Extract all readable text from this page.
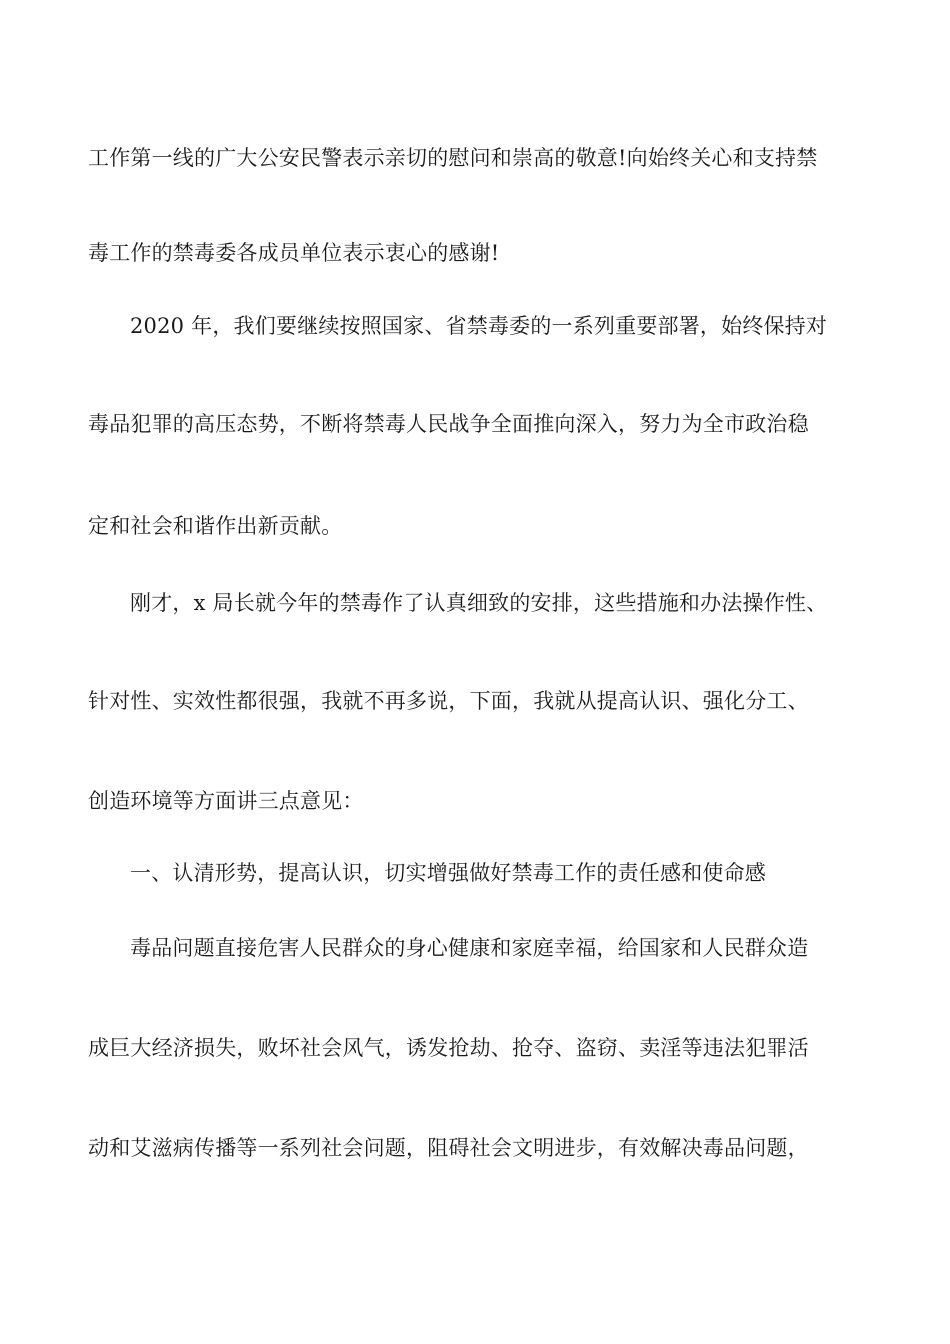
工作第一线的广大公安民警表示亲切的慰问和崇高的敬意!向始终关心和支持禁
毒工作的禁毒委各成员单位表示衷心的感谢!
2020 年，我们要继续按照国家、省禁毒委的一系列重要部署，始终保持对
毒品犯罪的高压态势，不断将禁毒人民战争全面推向深入，努力为全市政治稳
定和社会和谐作出新贡献。
刚才，x 局长就今年的禁毒作了认真细致的安排，这些措施和办法操作性、
针对性、实效性都很强，我就不再多说，下面，我就从提高认识、强化分工、
创造环境等方面讲三点意见：
一、认清形势，提高认识，切实增强做好禁毒工作的责任感和使命感
毒品问题直接危害人民群众的身心健康和家庭幸福，给国家和人民群众造
成巨大经济损失，败坏社会风气，诱发抢劫、抢夺、盗窃、卖淫等违法犯罪活
动和艾滋病传播等一系列社会问题，阻碍社会文明进步，有效解决毒品问题，
